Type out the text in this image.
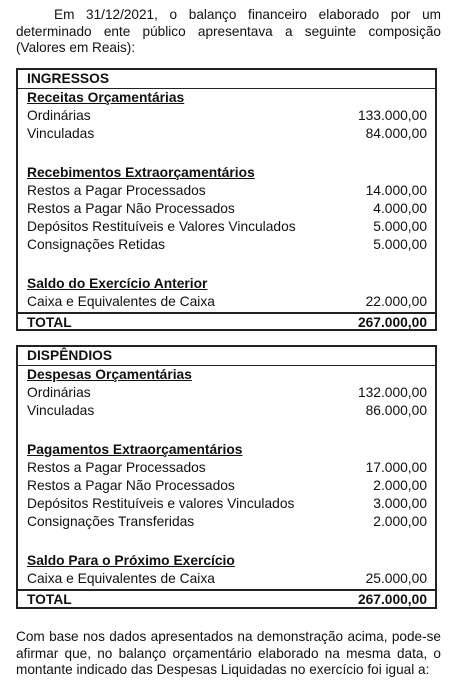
Em 31/12/2021, o balanço financeiro elaborado por um determinado ente público apresentava a seguinte composição (Valores em Reais):
INGRESSOS
Receitas Orçamentárias
Ordinárias	133.000,00
Vinculadas	84.000,00
Recebimentos Extraorçamentários
Restos a Pagar Processados	14.000,00
Restos a Pagar Não Processados	4.000,00
Depósitos Restituíveis e Valores Vinculados	5.000,00
Consignações Retidas	5.000,00
Saldo do Exercício Anterior
Caixa e Equivalentes de Caixa	22.000,00
TOTAL	267.000,00
DISPÊNDIOS
Despesas Orçamentárias
Ordinárias	132.000,00
Vinculadas	86.000,00
Pagamentos Extraorçamentários
Restos a Pagar Processados	17.000,00
Restos a Pagar Não Processados	2.000,00
Depósitos Restituíveis e valores Vinculados	3.000,00
Consignações Transferidas	2.000,00
Saldo Para o Próximo Exercício
Caixa e Equivalentes de Caixa	25.000,00
TOTAL	267.000,00
Com base nos dados apresentados na demonstração acima, pode-se afirmar que, no balanço orçamentário elaborado na mesma data, o montante indicado das Despesas Liquidadas no exercício foi igual a:
